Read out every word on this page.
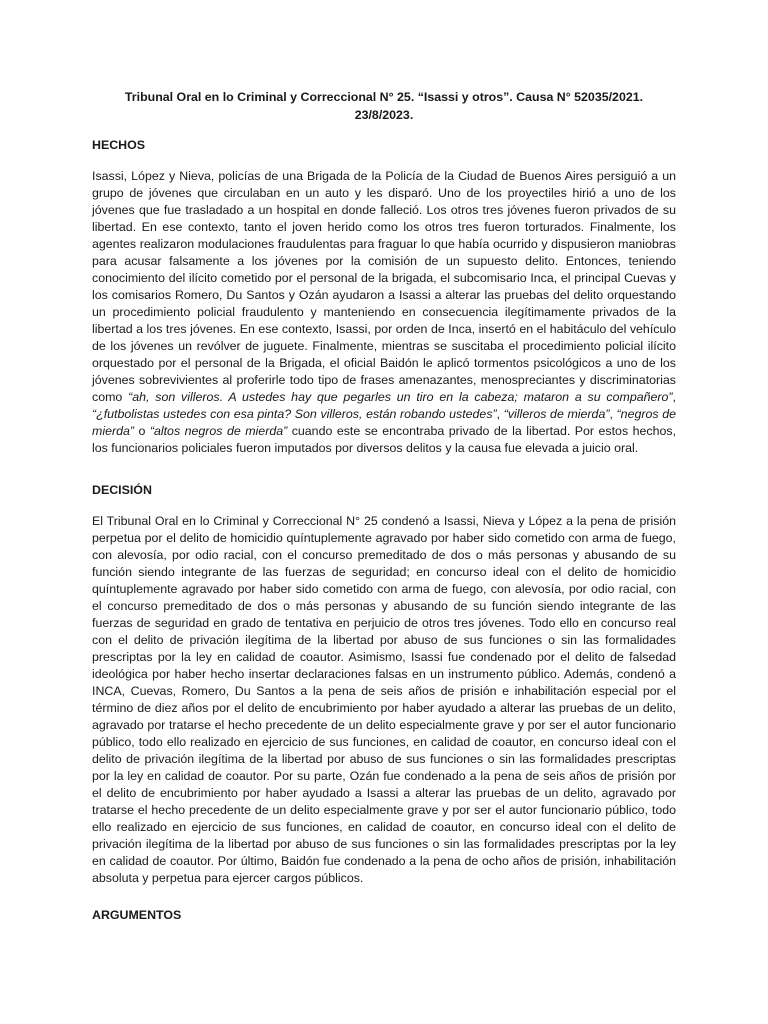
Tribunal Oral en lo Criminal y Correccional N° 25. “Isassi y otros”. Causa N° 52035/2021.
23/8/2023.
HECHOS
Isassi, López y Nieva, policías de una Brigada de la Policía de la Ciudad de Buenos Aires persiguió a un grupo de jóvenes que circulaban en un auto y les disparó. Uno de los proyectiles hirió a uno de los jóvenes que fue trasladado a un hospital en donde falleció. Los otros tres jóvenes fueron privados de su libertad. En ese contexto, tanto el joven herido como los otros tres fueron torturados. Finalmente, los agentes realizaron modulaciones fraudulentas para fraguar lo que había ocurrido y dispusieron maniobras para acusar falsamente a los jóvenes por la comisión de un supuesto delito. Entonces, teniendo conocimiento del ilícito cometido por el personal de la brigada, el subcomisario Inca, el principal Cuevas y los comisarios Romero, Du Santos y Ozán ayudaron a Isassi a alterar las pruebas del delito orquestando un procedimiento policial fraudulento y manteniendo en consecuencia ilegítimamente privados de la libertad a los tres jóvenes. En ese contexto, Isassi, por orden de Inca, insertó en el habitáculo del vehículo de los jóvenes un revólver de juguete. Finalmente, mientras se suscitaba el procedimiento policial ilícito orquestado por el personal de la Brigada, el oficial Baidón le aplicó tormentos psicológicos a uno de los jóvenes sobrevivientes al proferirle todo tipo de frases amenazantes, menospreciantes y discriminatorias como “ah, son villeros. A ustedes hay que pegarles un tiro en la cabeza; mataron a su compañero”, “¿futbolistas ustedes con esa pinta? Son villeros, están robando ustedes”, “villeros de mierda”, “negros de mierda” o “altos negros de mierda” cuando este se encontraba privado de la libertad. Por estos hechos, los funcionarios policiales fueron imputados por diversos delitos y la causa fue elevada a juicio oral.
DECISIÓN
El Tribunal Oral en lo Criminal y Correccional N° 25 condenó a Isassi, Nieva y López a la pena de prisión perpetua por el delito de homicidio quíntuplemente agravado por haber sido cometido con arma de fuego, con alevosía, por odio racial, con el concurso premeditado de dos o más personas y abusando de su función siendo integrante de las fuerzas de seguridad; en concurso ideal con el delito de homicidio quíntuplemente agravado por haber sido cometido con arma de fuego, con alevosía, por odio racial, con el concurso premeditado de dos o más personas y abusando de su función siendo integrante de las fuerzas de seguridad en grado de tentativa en perjuicio de otros tres jóvenes. Todo ello en concurso real con el delito de privación ilegítima de la libertad por abuso de sus funciones o sin las formalidades prescriptas por la ley en calidad de coautor. Asimismo, Isassi fue condenado por el delito de falsedad ideológica por haber hecho insertar declaraciones falsas en un instrumento público. Además, condenó a INCA, Cuevas, Romero, Du Santos a la pena de seis años de prisión e inhabilitación especial por el término de diez años por el delito de encubrimiento por haber ayudado a alterar las pruebas de un delito, agravado por tratarse el hecho precedente de un delito especialmente grave y por ser el autor funcionario público, todo ello realizado en ejercicio de sus funciones, en calidad de coautor, en concurso ideal con el delito de privación ilegítima de la libertad por abuso de sus funciones o sin las formalidades prescriptas por la ley en calidad de coautor. Por su parte, Ozán fue condenado a la pena de seis años de prisión por el delito de encubrimiento por haber ayudado a Isassi a alterar las pruebas de un delito, agravado por tratarse el hecho precedente de un delito especialmente grave y por ser el autor funcionario público, todo ello realizado en ejercicio de sus funciones, en calidad de coautor, en concurso ideal con el delito de privación ilegítima de la libertad por abuso de sus funciones o sin las formalidades prescriptas por la ley en calidad de coautor. Por último, Baidón fue condenado a la pena de ocho años de prisión, inhabilitación absoluta y perpetua para ejercer cargos públicos.
ARGUMENTOS
